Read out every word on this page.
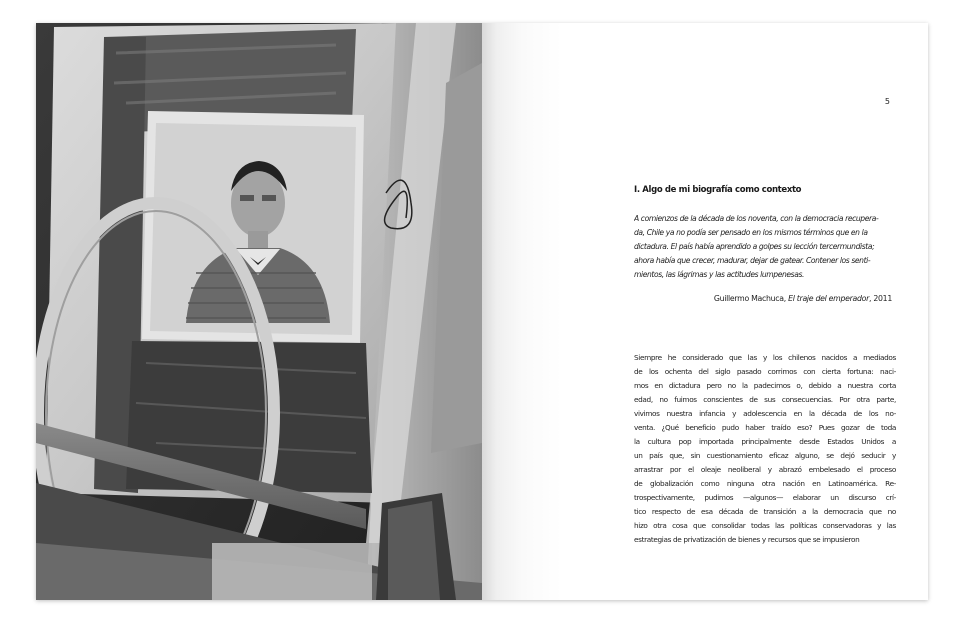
5
I. Algo de mi biografía como contexto
A comienzos de la década de los noventa, con la democracia recupera-
da, Chile ya no podía ser pensado en los mismos términos que en la
dictadura. El país había aprendido a golpes su lección tercermundista;
ahora había que crecer, madurar, dejar de gatear. Contener los senti-
mientos, las lágrimas y las actitudes lumpenesas.
Guillermo Machuca, El traje del emperador, 2011
Siempre he considerado que las y los chilenos nacidos a mediados
de los ochenta del siglo pasado corrimos con cierta fortuna: naci-
mos en dictadura pero no la padecimos o, debido a nuestra corta
edad, no fuimos conscientes de sus consecuencias. Por otra parte,
vivimos nuestra infancia y adolescencia en la década de los no-
venta. ¿Qué beneficio pudo haber traído eso? Pues gozar de toda
la cultura pop importada principalmente desde Estados Unidos a
un país que, sin cuestionamiento eficaz alguno, se dejó seducir y
arrastrar por el oleaje neoliberal y abrazó embelesado el proceso
de globalización como ninguna otra nación en Latinoamérica. Re-
trospectivamente, pudimos —algunos— elaborar un discurso crí-
tico respecto de esa década de transición a la democracia que no
hizo otra cosa que consolidar todas las políticas conservadoras y las
estrategias de privatización de bienes y recursos que se impusieron
